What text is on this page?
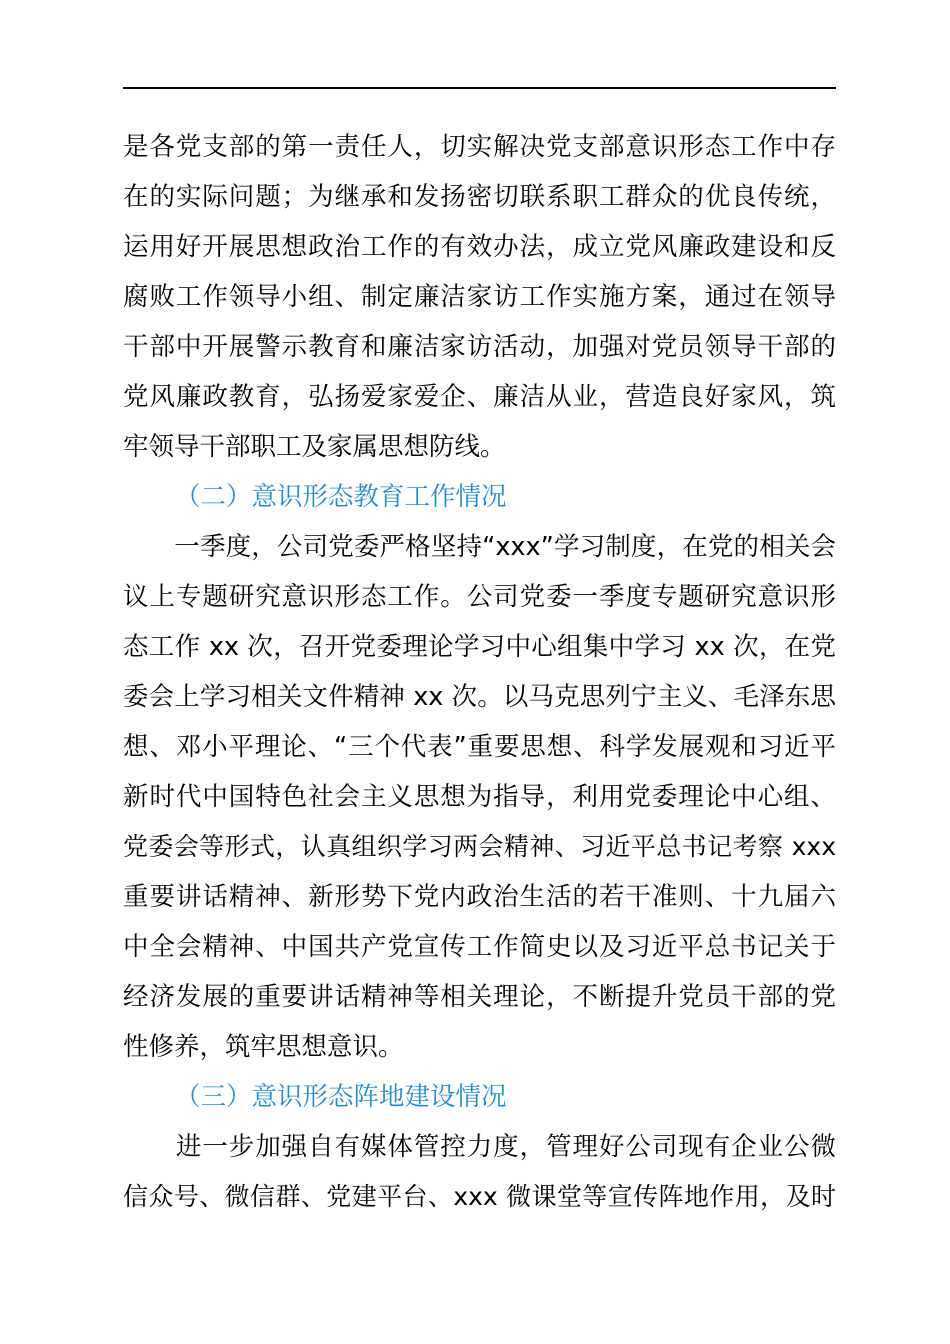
是各党支部的第一责任人，切实解决党支部意识形态工作中存
在的实际问题；为继承和发扬密切联系职工群众的优良传统，
运用好开展思想政治工作的有效办法，成立党风廉政建设和反
腐败工作领导小组、制定廉洁家访工作实施方案，通过在领导
干部中开展警示教育和廉洁家访活动，加强对党员领导干部的
党风廉政教育，弘扬爱家爱企、廉洁从业，营造良好家风，筑
牢领导干部职工及家属思想防线。
（二）意识形态教育工作情况
　　一季度，公司党委严格坚持“xxx”学习制度，在党的相关会
议上专题研究意识形态工作。公司党委一季度专题研究意识形
态工作 xx 次，召开党委理论学习中心组集中学习 xx 次，在党
委会上学习相关文件精神 xx 次。以马克思列宁主义、毛泽东思
想、邓小平理论、“三个代表”重要思想、科学发展观和习近平
新时代中国特色社会主义思想为指导，利用党委理论中心组、
党委会等形式，认真组织学习两会精神、习近平总书记考察 xxx
重要讲话精神、新形势下党内政治生活的若干准则、十九届六
中全会精神、中国共产党宣传工作简史以及习近平总书记关于
经济发展的重要讲话精神等相关理论，不断提升党员干部的党
性修养，筑牢思想意识。
（三）意识形态阵地建设情况
　　进一步加强自有媒体管控力度，管理好公司现有企业公微
信众号、微信群、党建平台、xxx 微课堂等宣传阵地作用，及时
